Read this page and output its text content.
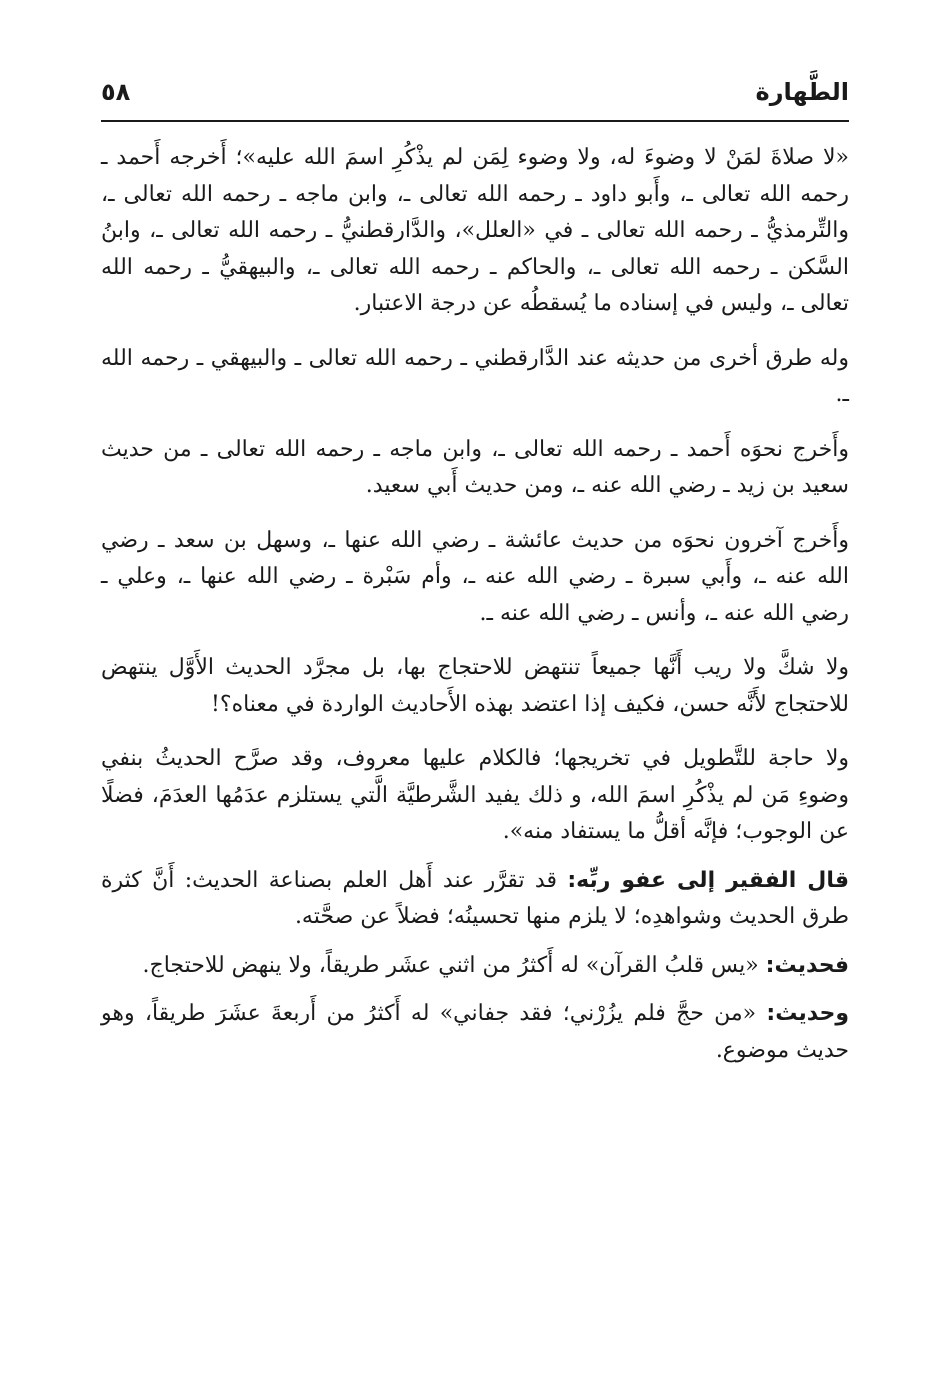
الطَّهارة
٥٨

«لا صلاةَ لمَنْ لا وضوءَ له، ولا وضوء لِمَن لم يذْكُرِ اسمَ الله عليه»؛ أَخرجه أَحمد ـ رحمه الله تعالى ـ، وأَبو داود ـ رحمه الله تعالى ـ، وابن ماجه ـ رحمه الله تعالى ـ، والتِّرمذيُّ ـ رحمه الله تعالى ـ في «العلل»، والدَّارقطنيُّ ـ رحمه الله تعالى ـ، وابنُ السَّكن ـ رحمه الله تعالى ـ، والحاكم ـ رحمه الله تعالى ـ، والبيهقيُّ ـ رحمه الله تعالى ـ، وليس في إسناده ما يُسقطُه عن درجة الاعتبار.

وله طرق أخرى من حديثه عند الدَّارقطني ـ رحمه الله تعالى ـ والبيهقي ـ رحمه الله ـ.

وأَخرج نحوَه أَحمد ـ رحمه الله تعالى ـ، وابن ماجه ـ رحمه الله تعالى ـ من حديث سعيد بن زيد ـ رضي الله عنه ـ، ومن حديث أَبي سعيد.

وأَخرج آخرون نحوَه من حديث عائشة ـ رضي الله عنها ـ، وسهل بن سعد ـ رضي الله عنه ـ، وأَبي سبرة ـ رضي الله عنه ـ، وأم سَبْرة ـ رضي الله عنها ـ، وعلي ـ رضي الله عنه ـ، وأنس ـ رضي الله عنه ـ.

ولا شكَّ ولا ريب أَنَّها جميعاً تنتهض للاحتجاج بها، بل مجرَّد الحديث الأَوَّل ينتهض للاحتجاج لأَنَّه حسن، فكيف إذا اعتضد بهذه الأَحاديث الواردة في معناه؟!

ولا حاجة للتَّطويل في تخريجها؛ فالكلام عليها معروف، وقد صرَّح الحديثُ بنفي وضوءِ مَن لم يذْكُرِ اسمَ الله، و ذلك يفيد الشَّرطيَّة الَّتي يستلزم عدَمُها العدَمَ، فضلًا عن الوجوب؛ فإنَّه أقلُّ ما يستفاد منه».

قال الفقير إلى عفو ربِّه: قد تقرَّر عند أَهل العلم بصناعة الحديث: أَنَّ كثرة طرق الحديث وشواهدِه؛ لا يلزم منها تحسينُه؛ فضلاً عن صحَّته.

فحديث: «يس قلبُ القرآن» له أَكثرُ من اثني عشَر طريقاً، ولا ينهض للاحتجاج.

وحديث: «من حجَّ فلم يزُرْني؛ فقد جفاني» له أَكثرُ من أَربعةَ عشَرَ طريقاً، وهو حديث موضوع.
